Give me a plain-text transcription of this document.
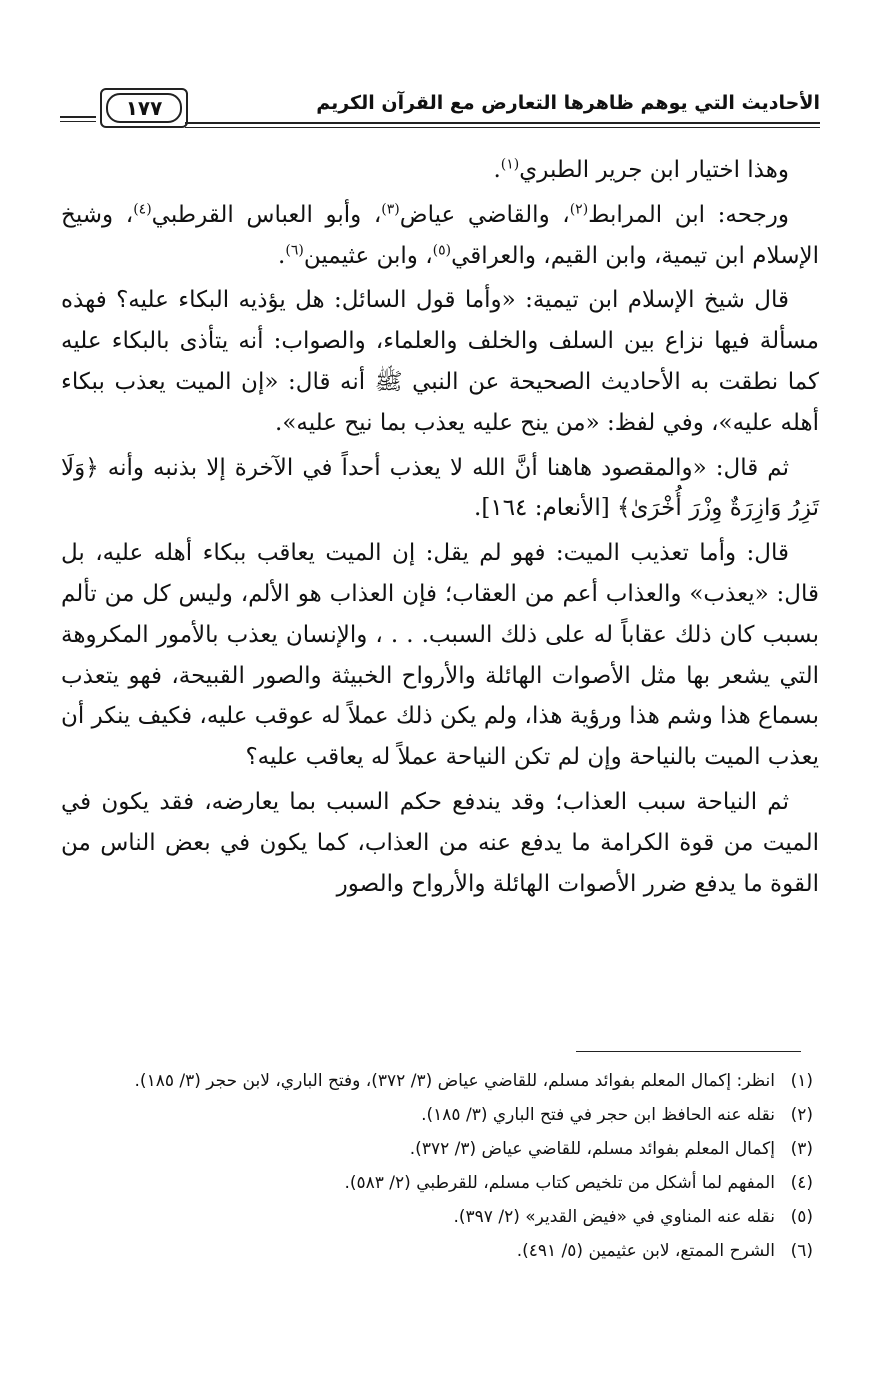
الأحاديث التي يوهم ظاهرها التعارض مع القرآن الكريم
١٧٧

وهذا اختيار ابن جرير الطبري$^{(١)}$.

ورجحه: ابن المرابط$^{(٢)}$، والقاضي عياض$^{(٣)}$، وأبو العباس القرطبي$^{(٤)}$، وشيخ الإسلام ابن تيمية، وابن القيم، والعراقي$^{(٥)}$، وابن عثيمين$^{(٦)}$.

قال شيخ الإسلام ابن تيمية: «وأما قول السائل: هل يؤذيه البكاء عليه؟ فهذه مسألة فيها نزاع بين السلف والخلف والعلماء، والصواب: أنه يتأذى بالبكاء عليه كما نطقت به الأحاديث الصحيحة عن النبي ﷺ أنه قال: «إن الميت يعذب ببكاء أهله عليه»، وفي لفظ: «من ينح عليه يعذب بما نيح عليه».

ثم قال: «والمقصود هاهنا أنَّ الله لا يعذب أحداً في الآخرة إلا بذنبه وأنه ﴿وَلَا تَزِرُ وَازِرَةٌ وِزْرَ أُخْرَىٰ﴾ [الأنعام: ١٦٤].

قال: وأما تعذيب الميت: فهو لم يقل: إن الميت يعاقب ببكاء أهله عليه، بل قال: «يعذب» والعذاب أعم من العقاب؛ فإن العذاب هو الألم، وليس كل من تألم بسبب كان ذلك عقاباً له على ذلك السبب. . . ، والإنسان يعذب بالأمور المكروهة التي يشعر بها مثل الأصوات الهائلة والأرواح الخبيثة والصور القبيحة، فهو يتعذب بسماع هذا وشم هذا ورؤية هذا، ولم يكن ذلك عملاً له عوقب عليه، فكيف ينكر أن يعذب الميت بالنياحة وإن لم تكن النياحة عملاً له يعاقب عليه؟

ثم النياحة سبب العذاب؛ وقد يندفع حكم السبب بما يعارضه، فقد يكون في الميت من قوة الكرامة ما يدفع عنه من العذاب، كما يكون في بعض الناس من القوة ما يدفع ضرر الأصوات الهائلة والأرواح والصور

(١)
انظر: إكمال المعلم بفوائد مسلم، للقاضي عياض (٣/ ٣٧٢)، وفتح الباري، لابن حجر (٣/ ١٨٥).
(٢)
نقله عنه الحافظ ابن حجر في فتح الباري (٣/ ١٨٥).
(٣)
إكمال المعلم بفوائد مسلم، للقاضي عياض (٣/ ٣٧٢).
(٤)
المفهم لما أشكل من تلخيص كتاب مسلم، للقرطبي (٢/ ٥٨٣).
(٥)
نقله عنه المناوي في «فيض القدير» (٢/ ٣٩٧).
(٦)
الشرح الممتع، لابن عثيمين (٥/ ٤٩١).
